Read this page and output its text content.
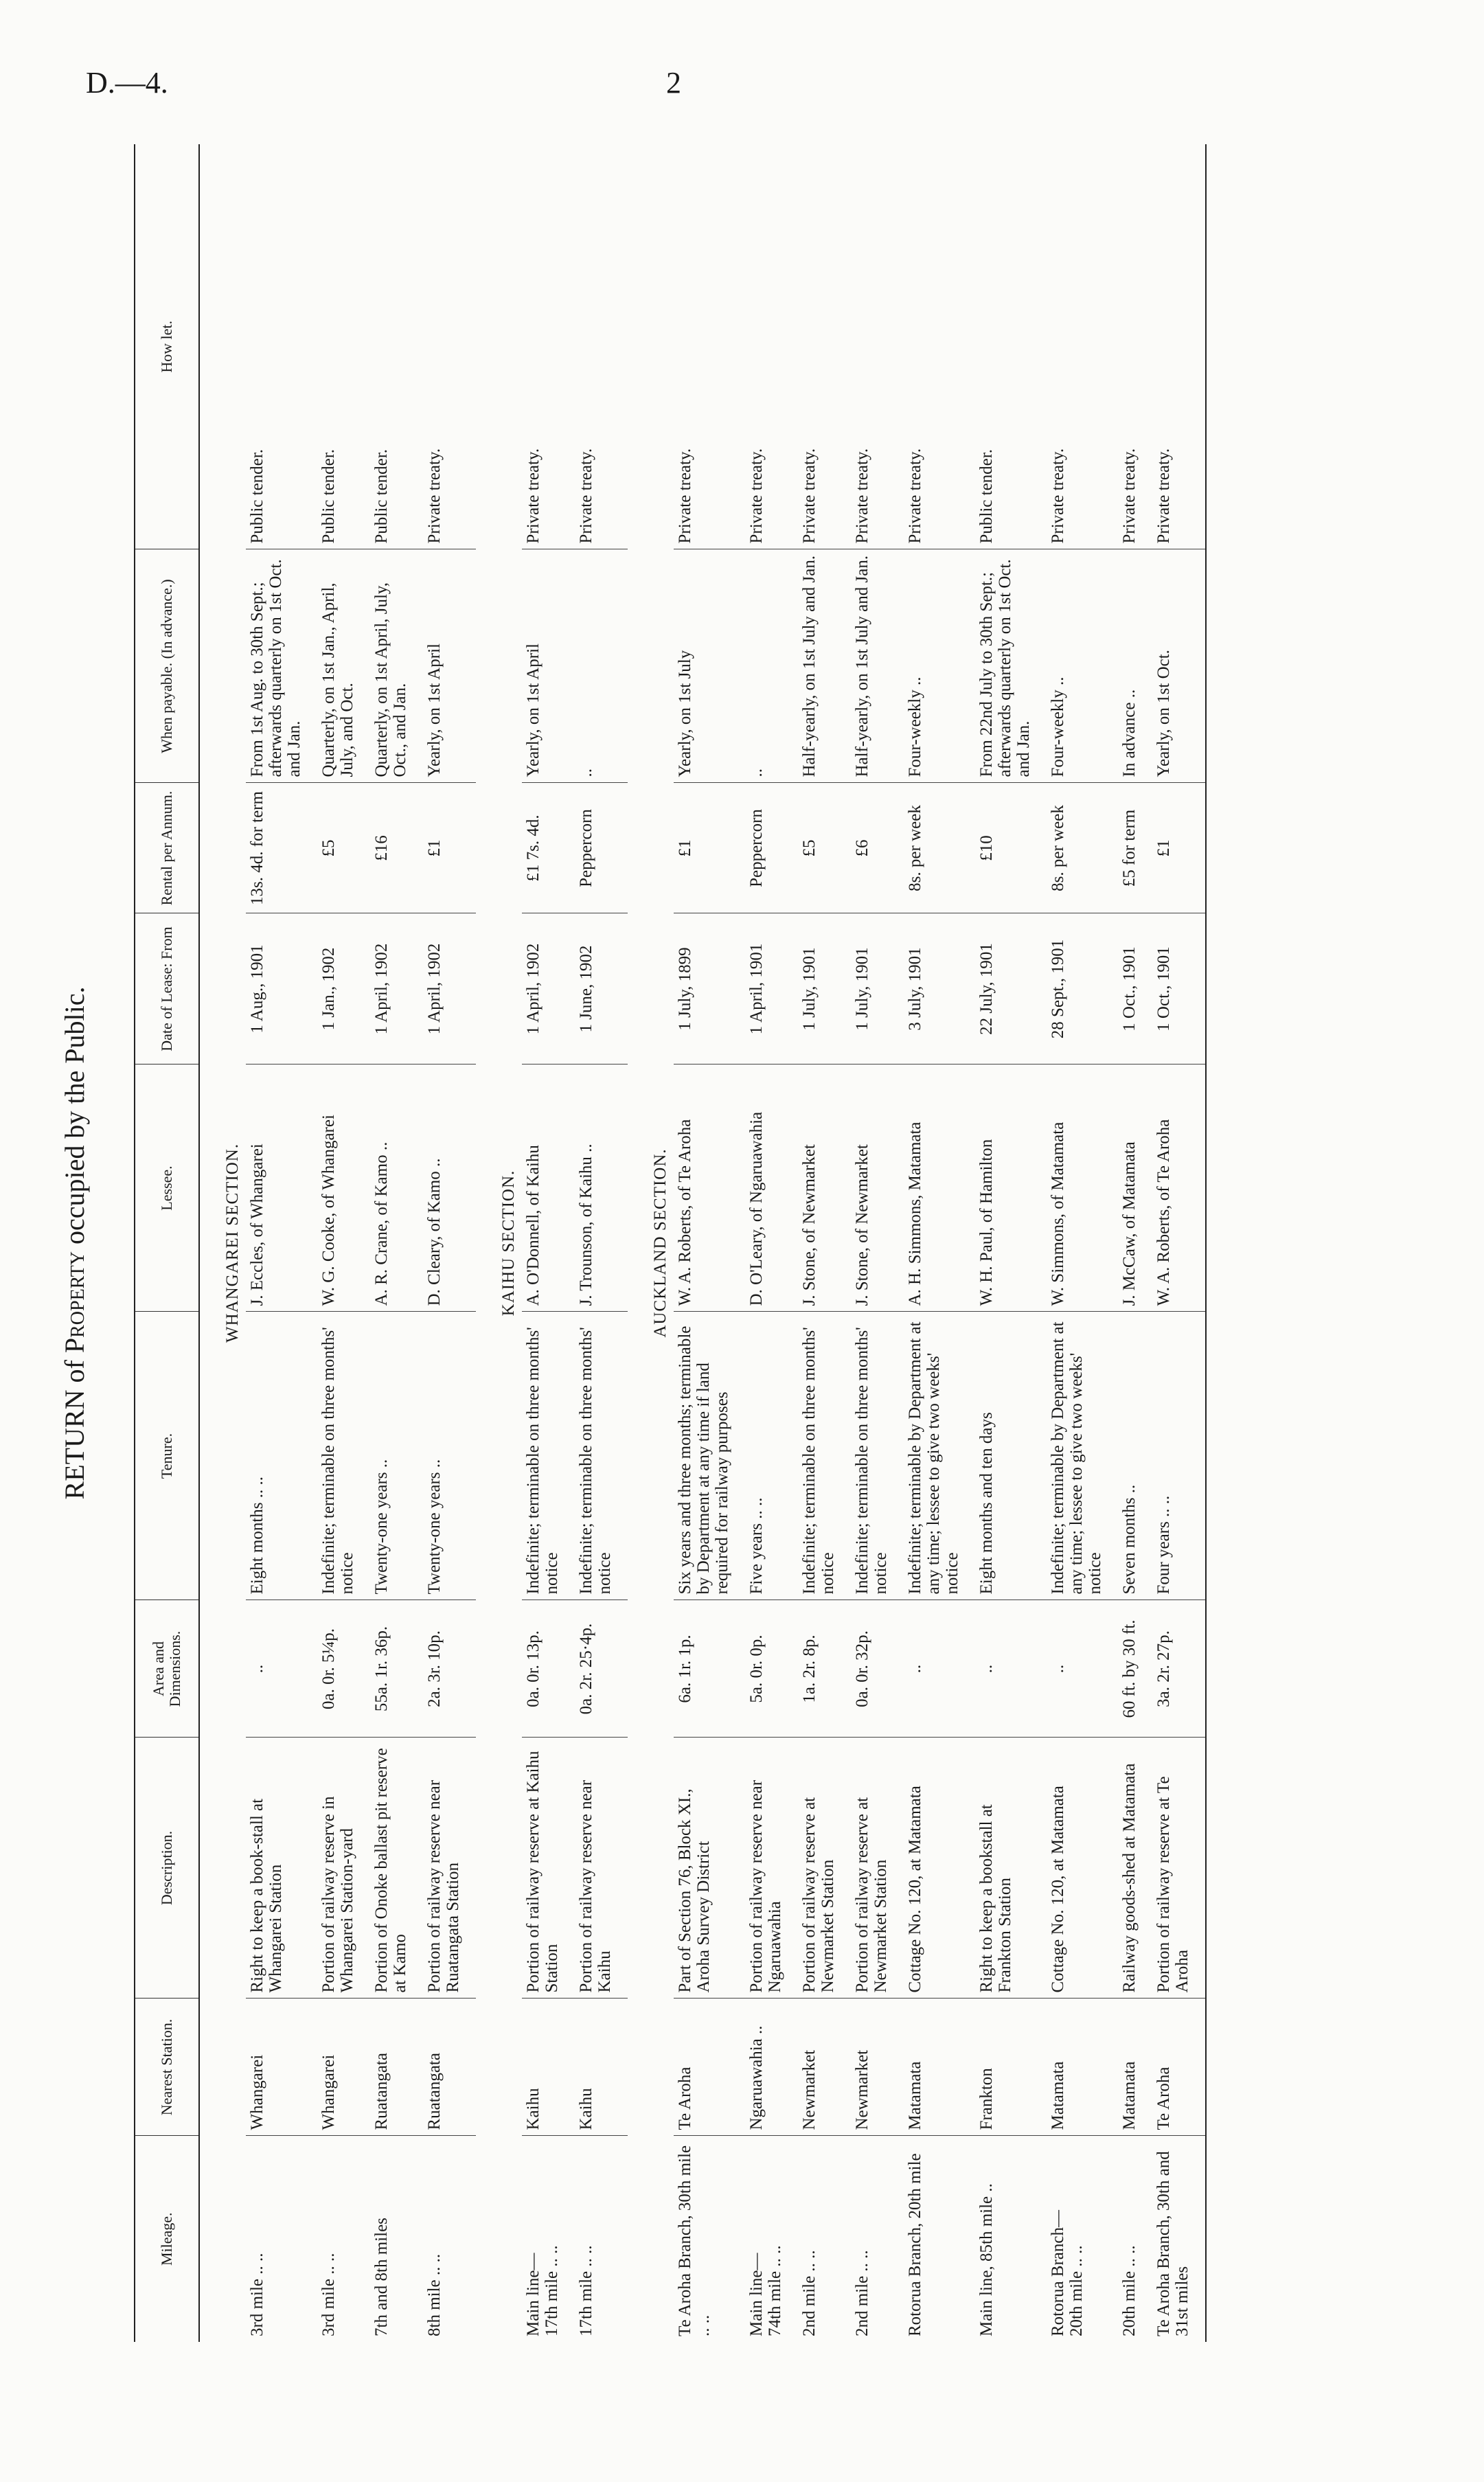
D.—4.	2
RETURN of Property occupied by the Public.
Mileage.	Nearest Station.	Description.	Area and Dimensions.	Tenure.	Lessee.	Date of Lease: From	Rental per Annum.	When payable. (In advance.)	How let.
WHANGAREI SECTION.									
3rd mile .. ..	Whangarei	Right to keep a book-stall at Whangarei Station	..	Eight months .. ..	J. Eccles, of Whangarei	1 Aug., 1901	13s. 4d. for term	From 1st Aug. to 30th Sept.; afterwards quarterly on 1st Oct. and Jan.	Public tender.
3rd mile .. ..	Whangarei	Portion of railway reserve in Whangarei Station-yard	0a. 0r. 5¼p.	Indefinite; terminable on three months' notice	W. G. Cooke, of Whangarei	1 Jan., 1902	£5	Quarterly, on 1st Jan., April, July, and Oct.	Public tender.
7th and 8th miles	Ruatangata	Portion of Onoke ballast pit reserve at Kamo	55a. 1r. 36p.	Twenty-one years ..	A. R. Crane, of Kamo ..	1 April, 1902	£16	Quarterly, on 1st April, July, Oct., and Jan.	Public tender.
8th mile .. ..	Ruatangata	Portion of railway reserve near Ruatangata Station	2a. 3r. 10p.	Twenty-one years ..	D. Cleary, of Kamo ..	1 April, 1902	£1	Yearly, on 1st April	Private treaty.
KAIHU SECTION.									
Main line—
17th mile .. ..	Kaihu	Portion of railway reserve at Kaihu Station	0a. 0r. 13p.	Indefinite; terminable on three months' notice	A. O'Donnell, of Kaihu	1 April, 1902	£1 7s. 4d.	Yearly, on 1st April	Private treaty.
17th mile .. ..	Kaihu	Portion of railway reserve near Kaihu	0a. 2r. 25·4p.	Indefinite; terminable on three months' notice	J. Trounson, of Kaihu ..	1 June, 1902	Peppercorn	..	Private treaty.
AUCKLAND SECTION.									
Te Aroha Branch, 30th mile .. ..	Te Aroha	Part of Section 76, Block XI., Aroha Survey District	6a. 1r. 1p.	Six years and three months; terminable by Department at any time if land required for railway purposes	W. A. Roberts, of Te Aroha	1 July, 1899	£1	Yearly, on 1st July	Private treaty.
Main line—
74th mile .. ..	Ngaruawahia ..	Portion of railway reserve near Ngaruawahia	5a. 0r. 0p.	Five years .. ..	D. O'Leary, of Ngaruawahia	1 April, 1901	Peppercorn	..	Private treaty.
2nd mile .. ..	Newmarket	Portion of railway reserve at Newmarket Station	1a. 2r. 8p.	Indefinite; terminable on three months' notice	J. Stone, of Newmarket	1 July, 1901	£5	Half-yearly, on 1st July and Jan.	Private treaty.
2nd mile .. ..	Newmarket	Portion of railway reserve at Newmarket Station	0a. 0r. 32p.	Indefinite; terminable on three months' notice	J. Stone, of Newmarket	1 July, 1901	£6	Half-yearly, on 1st July and Jan.	Private treaty.
Rotorua Branch, 20th mile	Matamata	Cottage No. 120, at Matamata	..	Indefinite; terminable by Department at any time; lessee to give two weeks' notice	A. H. Simmons, Matamata	3 July, 1901	8s. per week	Four-weekly ..	Private treaty.
Main line, 85th mile ..	Frankton	Right to keep a bookstall at Frankton Station	..	Eight months and ten days	W. H. Paul, of Hamilton	22 July, 1901	£10	From 22nd July to 30th Sept.; afterwards quarterly on 1st Oct. and Jan.	Public tender.
Rotorua Branch—
20th mile .. ..	Matamata	Cottage No. 120, at Matamata	..	Indefinite; terminable by Department at any time; lessee to give two weeks' notice	W. Simmons, of Matamata	28 Sept., 1901	8s. per week	Four-weekly ..	Private treaty.
20th mile .. ..	Matamata	Railway goods-shed at Matamata	60 ft. by 30 ft.	Seven months ..	J. McCaw, of Matamata	1 Oct., 1901	£5 for term	In advance ..	Private treaty.
Te Aroha Branch, 30th and 31st miles	Te Aroha	Portion of railway reserve at Te Aroha	3a. 2r. 27p.	Four years .. ..	W. A. Roberts, of Te Aroha	1 Oct., 1901	£1	Yearly, on 1st Oct.	Private treaty.
